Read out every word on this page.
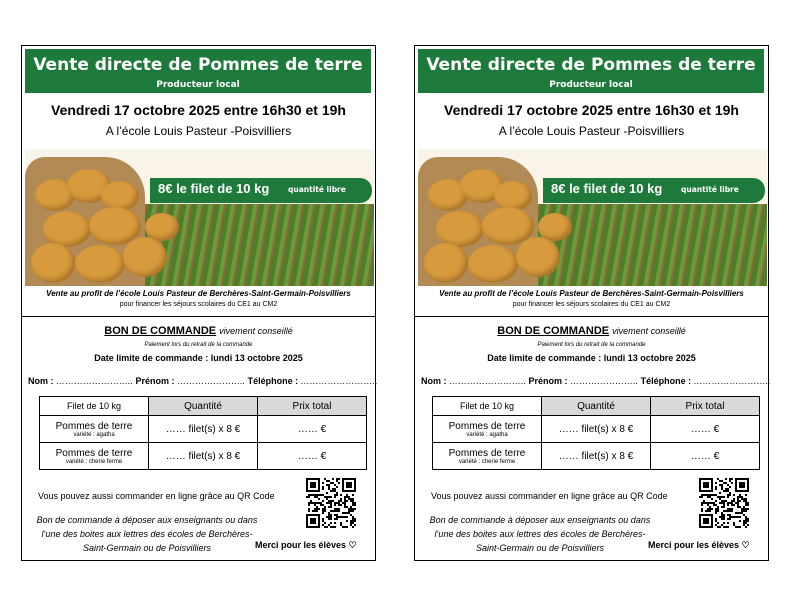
Vente directe de Pommes de terre
Producteur local
Vendredi 17 octobre 2025 entre 16h30 et 19h
A l’école Louis Pasteur -Poisvilliers
8€ le filet de 10 kg quantité libre
Vente au profit de l’école Louis Pasteur de Berchères-Saint-Germain-Poisvilliers
pour financer les séjours scolaires du CE1 au CM2
BON DE COMMANDE vivement conseillé
Paiement lors du retrait de la commande
Date limite de commande : lundi 13 octobre 2025
Nom : …………………….. Prénom : ………………….. Téléphone : ……………………..
Filet de 10 kg	Quantité	Prix total

Pommes de terre
variété : agatha	…… filet(s) x 8 €	…… €

Pommes de terre
variété : cherie ferme	…… filet(s) x 8 €	…… €
Vous pouvez aussi commander en ligne grâce au QR Code
Bon de commande à déposer aux enseignants ou dans l’une des boites aux lettres des écoles de Berchères-Saint-Germain ou de Poisvilliers	Merci pour les élèves ♡
Vente directe de Pommes de terre
Producteur local
Vendredi 17 octobre 2025 entre 16h30 et 19h
A l’école Louis Pasteur -Poisvilliers
8€ le filet de 10 kg quantité libre
Vente au profit de l’école Louis Pasteur de Berchères-Saint-Germain-Poisvilliers
pour financer les séjours scolaires du CE1 au CM2
BON DE COMMANDE vivement conseillé
Paiement lors du retrait de la commande
Date limite de commande : lundi 13 octobre 2025
Nom : …………………….. Prénom : ………………….. Téléphone : ……………………..
Filet de 10 kg	Quantité	Prix total

Pommes de terre
variété : agatha	…… filet(s) x 8 €	…… €

Pommes de terre
variété : cherie ferme	…… filet(s) x 8 €	…… €
Vous pouvez aussi commander en ligne grâce au QR Code
Bon de commande à déposer aux enseignants ou dans l’une des boites aux lettres des écoles de Berchères-Saint-Germain ou de Poisvilliers	Merci pour les élèves ♡
